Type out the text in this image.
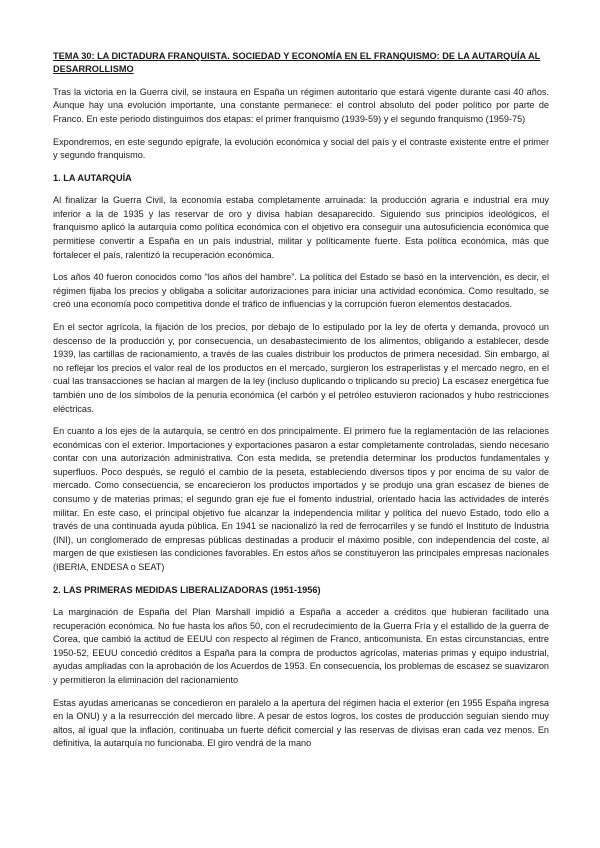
TEMA 30: LA DICTADURA FRANQUISTA. SOCIEDAD Y ECONOMÍA EN EL FRANQUISMO: DE LA AUTARQUÍA AL DESARROLLISMO

Tras la victoria en la Guerra civil, se instaura en España un régimen autoritario que estará vigente durante casi 40 años. Aunque hay una evolución importante, una constante permanece: el control absoluto del poder político por parte de Franco. En este periodo distinguimos dos etapas: el primer franquismo (1939-59) y el segundo franquismo (1959-75)

Expondremos, en este segundo epígrafe, la evolución económica y social del país y el contraste existente entre el primer y segundo franquismo.

1. LA AUTARQUÍA

Al finalizar la Guerra Civil, la economía estaba completamente arruinada: la producción agraria e industrial era muy inferior a la de 1935 y las reservar de oro y divisa habían desaparecido. Siguiendo sus principios ideológicos, el franquismo aplicó la autarquía como política económica con el objetivo era conseguir una autosuficiencia económica que permitiese convertir a España en un país industrial, militar y políticamente fuerte. Esta política económica, más que fortalecer el país, ralentizó la recuperación económica.

Los años 40 fueron conocidos como “los años del hambre”. La política del Estado se basó en la intervención, es decir, el régimen fijaba los precios y obligaba a solicitar autorizaciones para iniciar una actividad económica. Como resultado, se creó una economía poco competitiva donde el tráfico de influencias y la corrupción fueron elementos destacados.

En el sector agrícola, la fijación de los precios, por debajo de lo estipulado por la ley de oferta y demanda, provocó un descenso de la producción y, por consecuencia, un desabastecimiento de los alimentos, obligando a establecer, desde 1939, las cartillas de racionamiento, a través de las cuales distribuir los productos de primera necesidad. Sin embargo, al no reflejar los precios el valor real de los productos en el mercado, surgieron los estraperlistas y el mercado negro, en el cual las transacciones se hacían al margen de la ley (incluso duplicando o triplicando su precio) La escasez energética fue también uno de los símbolos de la penuria económica (el carbón y el petróleo estuvieron racionados y hubo restricciones eléctricas.

En cuanto a los ejes de la autarquía, se centró en dos principalmente. El primero fue la reglamentación de las relaciones económicas con el exterior. Importaciones y exportaciones pasaron a estar completamente controladas, siendo necesario contar con una autorización administrativa. Con esta medida, se pretendía determinar los productos fundamentales y superfluos. Poco después, se reguló el cambio de la peseta, estableciendo diversos tipos y por encima de su valor de mercado. Como consecuencia, se encarecieron los productos importados y se produjo una gran escasez de bienes de consumo y de materias primas; el segundo gran eje fue el fomento industrial, orientado hacia las actividades de interés militar. En este caso, el principal objetivo fue alcanzar la independencia militar y política del nuevo Estado, todo ello a través de una continuada ayuda pública. En 1941 se nacionalizó la red de ferrocarriles y se fundó el Instituto de Industria (INI), un conglomerado de empresas públicas destinadas a producir el máximo posible, con independencia del coste, al margen de que existiesen las condiciones favorables. En estos años se constituyeron las principales empresas nacionales (IBERIA, ENDESA o SEAT)

2. LAS PRIMERAS MEDIDAS LIBERALIZADORAS (1951-1956)

La marginación de España del Plan Marshall impidió a España a acceder a créditos que hubieran facilitado una recuperación económica. No fue hasta los años 50, con el recrudecimiento de la Guerra Fría y el estallido de la guerra de Corea, que cambió la actitud de EEUU con respecto al régimen de Franco, anticomunista. En estas circunstancias, entre 1950-52, EEUU concedió créditos a España para la compra de productos agrícolas, materias primas y equipo industrial, ayudas ampliadas con la aprobación de los Acuerdos de 1953. En consecuencia, los problemas de escasez se suavizaron y permitieron la eliminación del racionamiento

Estas ayudas americanas se concedieron en paralelo a la apertura del régimen hacia el exterior (en 1955 España ingresa en la ONU) y a la resurrección del mercado libre. A pesar de estos logros, los costes de producción seguían siendo muy altos, al igual que la inflación, continuaba un fuerte déficit comercial y las reservas de divisas eran cada vez menos. En definitiva, la autarquía no funcionaba. El giro vendrá de la mano
